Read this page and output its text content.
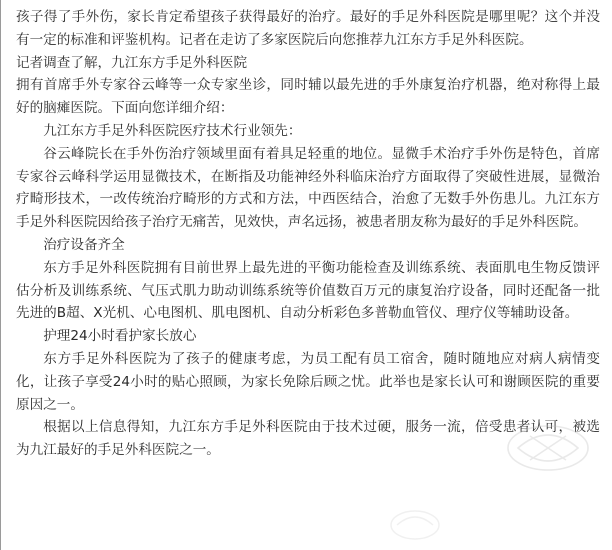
孩子得了手外伤，家长肯定希望孩子获得最好的治疗。最好的手足外科医院是哪里呢？这个并没有一定的标准和评鉴机构。记者在走访了多家医院后向您推荐九江东方手足外科医院。

记者调查了解，九江东方手足外科医院

拥有首席手外专家谷云峰等一众专家坐诊，同时辅以最先进的手外康复治疗机器，绝对称得上最好的脑瘫医院。下面向您详细介绍：

九江东方手足外科医院医疗技术行业领先：

谷云峰院长在手外伤治疗领域里面有着具足轻重的地位。显微手术治疗手外伤是特色，首席专家谷云峰科学运用显微技术，在断指及功能神经外科临床治疗方面取得了突破性进展，显微治疗畸形技术，一改传统治疗畸形的方式和方法，中西医结合，治愈了无数手外伤患儿。九江东方手足外科医院因给孩子治疗无痛苦，见效快，声名远扬，被患者朋友称为最好的手足外科医院。

治疗设备齐全

东方手足外科医院拥有目前世界上最先进的平衡功能检查及训练系统、表面肌电生物反馈评估分析及训练系统、气压式肌力助动训练系统等价值数百万元的康复治疗设备，同时还配备一批先进的B超、X光机、心电图机、肌电图机、自动分析彩色多普勒血管仪、理疗仪等辅助设备。

护理24小时看护家长放心

东方手足外科医院为了孩子的健康考虑，为员工配有员工宿舍，随时随地应对病人病情变化，让孩子享受24小时的贴心照顾，为家长免除后顾之忧。此举也是家长认可和谢顾医院的重要原因之一。

根据以上信息得知，九江东方手足外科医院由于技术过硬，服务一流，倍受患者认可，被选为九江最好的手足外科医院之一。
